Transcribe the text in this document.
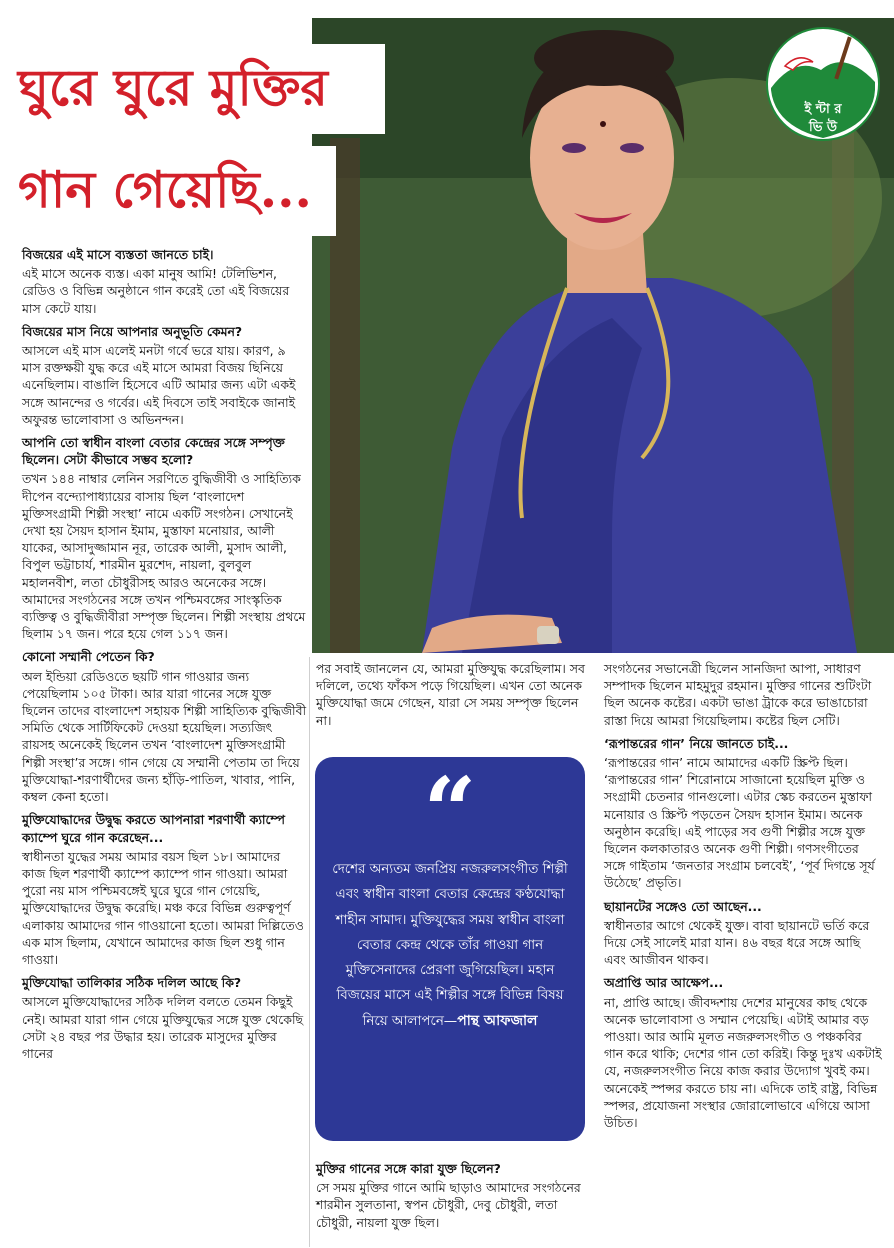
ঘুরে ঘুরে মুক্তির
গান গেয়েছি...
ই ন্টা র
ভি উ

বিজয়ের এই মাসে ব্যস্ততা জানতে চাই।

এই মাসে অনেক ব্যস্ত। একা মানুষ আমি! টেলিভিশন, রেডিও ও বিভিন্ন অনুষ্ঠানে গান করেই তো এই বিজয়ের মাস কেটে যায়।

বিজয়ের মাস নিয়ে আপনার অনুভূতি কেমন?

আসলে এই মাস এলেই মনটা গর্বে ভরে যায়। কারণ, ৯ মাস রক্তক্ষয়ী যুদ্ধ করে এই মাসে আমরা বিজয় ছিনিয়ে এনেছিলাম। বাঙালি হিসেবে এটি আমার জন্য এটা একই সঙ্গে আনন্দের ও গর্বের। এই দিবসে তাই সবাইকে জানাই অফুরন্ত ভালোবাসা ও অভিনন্দন।

আপনি তো স্বাধীন বাংলা বেতার কেন্দ্রের সঙ্গে সম্পৃক্ত ছিলেন। সেটা কীভাবে সম্ভব হলো?

তখন ১৪৪ নাম্বার লেনিন সরণিতে বুদ্ধিজীবী ও সাহিত্যিক দীপেন বন্দ্যোপাধ্যায়ের বাসায় ছিল ‘বাংলাদেশ মুক্তিসংগ্রামী শিল্পী সংস্থা’ নামে একটি সংগঠন। সেখানেই দেখা হয় সৈয়দ হাসান ইমাম, মুস্তাফা মনোয়ার, আলী যাকের, আসাদুজ্জামান নূর, তারেক আলী, মুসাদ আলী, বিপুল ভট্টাচার্য, শারমীন মুরশেদ, নায়লা, বুলবুল মহালনবীশ, লতা চৌধুরীসহ আরও অনেকের সঙ্গে। আমাদের সংগঠনের সঙ্গে তখন পশ্চিমবঙ্গের সাংস্কৃতিক ব্যক্তিত্ব ও বুদ্ধিজীবীরা সম্পৃক্ত ছিলেন। শিল্পী সংস্থায় প্রথমে ছিলাম ১৭ জন। পরে হয়ে গেল ১১৭ জন।

কোনো সম্মানী পেতেন কি?

অল ইন্ডিয়া রেডিওতে ছয়টি গান গাওয়ার জন্য পেয়েছিলাম ১০৫ টাকা। আর যারা গানের সঙ্গে যুক্ত ছিলেন তাদের বাংলাদেশ সহায়ক শিল্পী সাহিত্যিক বুদ্ধিজীবী সমিতি থেকে সার্টিফিকেট দেওয়া হয়েছিল। সত্যজিৎ রায়সহ অনেকেই ছিলেন তখন ‘বাংলাদেশ মুক্তিসংগ্রামী শিল্পী সংস্থা’র সঙ্গে। গান গেয়ে যে সম্মানী পেতাম তা দিয়ে মুক্তিযোদ্ধা-শরণার্থীদের জন্য হাঁড়ি-পাতিল, খাবার, পানি, কম্বল কেনা হতো।

মুক্তিযোদ্ধাদের উদ্বুদ্ধ করতে আপনারা শরণার্থী ক্যাম্পে ক্যাম্পে ঘুরে গান করেছেন...

স্বাধীনতা যুদ্ধের সময় আমার বয়স ছিল ১৮। আমাদের কাজ ছিল শরণার্থী ক্যাম্পে ক্যাম্পে গান গাওয়া। আমরা পুরো নয় মাস পশ্চিমবঙ্গেই ঘুরে ঘুরে গান গেয়েছি, মুক্তিযোদ্ধাদের উদ্বুদ্ধ করেছি। মঞ্চ করে বিভিন্ন গুরুত্বপূর্ণ এলাকায় আমাদের গান গাওয়ানো হতো। আমরা দিল্লিতেও এক মাস ছিলাম, যেখানে আমাদের কাজ ছিল শুধু গান গাওয়া।

মুক্তিযোদ্ধা তালিকার সঠিক দলিল আছে কি?

আসলে মুক্তিযোদ্ধাদের সঠিক দলিল বলতে তেমন কিছুই নেই। আমরা যারা গান গেয়ে মুক্তিযুদ্ধের সঙ্গে যুক্ত থেকেছি সেটা ২৪ বছর পর উদ্ধার হয়। তারেক মাসুদের মুক্তির গানের

পর সবাই জানলেন যে, আমরা মুক্তিযুদ্ধ করেছিলাম। সব দলিলে, তথ্যে ফাঁকস পড়ে গিয়েছিল। এখন তো অনেক মুক্তিযোদ্ধা জমে গেছেন, যারা সে সময় সম্পৃক্ত ছিলেন না।

“
দেশের অন্যতম জনপ্রিয় নজরুলসংগীত শিল্পী এবং স্বাধীন বাংলা বেতার কেন্দ্রের কণ্ঠযোদ্ধা শাহীন সামাদ। মুক্তিযুদ্ধের সময় স্বাধীন বাংলা বেতার কেন্দ্র থেকে তাঁর গাওয়া গান মুক্তিসেনাদের প্রেরণা জুগিয়েছিল। মহান বিজয়ের মাসে এই শিল্পীর সঙ্গে বিভিন্ন বিষয় নিয়ে আলাপনে—পান্থ আফজাল

মুক্তির গানের সঙ্গে কারা যুক্ত ছিলেন?

সে সময় মুক্তির গানে আমি ছাড়াও আমাদের সংগঠনের শারমীন সুলতানা, স্বপন চৌধুরী, দেবু চৌধুরী, লতা চৌধুরী, নায়লা যুক্ত ছিল।

সংগঠনের সভানেত্রী ছিলেন সানজিদা আপা, সাধারণ সম্পাদক ছিলেন মাহমুদুর রহমান। মুক্তির গানের শুটিংটা ছিল অনেক কষ্টের। একটা ভাঙা ট্রাকে করে ভাঙাচোরা রাস্তা দিয়ে আমরা গিয়েছিলাম। কষ্টের ছিল সেটি।

‘রূপান্তরের গান’ নিয়ে জানতে চাই...

‘রূপান্তরের গান’ নামে আমাদের একটি স্ক্রিপ্ট ছিল। ‘রূপান্তরের গান’ শিরোনামে সাজানো হয়েছিল মুক্তি ও সংগ্রামী চেতনার গানগুলো। এটার স্কেচ করতেন মুস্তাফা মনোয়ার ও স্ক্রিপ্ট পড়তেন সৈয়দ হাসান ইমাম। অনেক অনুষ্ঠান করেছি। এই পাড়ের সব গুণী শিল্পীর সঙ্গে যুক্ত ছিলেন কলকাতারও অনেক গুণী শিল্পী। গণসংগীতের সঙ্গে গাইতাম ‘জনতার সংগ্রাম চলবেই’, ‘পূর্ব দিগন্তে সূর্য উঠেছে’ প্রভৃতি।

ছায়ানটের সঙ্গেও তো আছেন...

স্বাধীনতার আগে থেকেই যুক্ত। বাবা ছায়ানটে ভর্তি করে দিয়ে সেই সালেই মারা যান। ৪৬ বছর ধরে সঙ্গে আছি এবং আজীবন থাকব।

অপ্রাপ্তি আর আক্ষেপ...

না, প্রাপ্তি আছে। জীবদ্দশায় দেশের মানুষের কাছ থেকে অনেক ভালোবাসা ও সম্মান পেয়েছি। এটাই আমার বড় পাওয়া। আর আমি মূলত নজরুলসংগীত ও পঞ্চকবির গান করে থাকি; দেশের গান তো করিই। কিন্তু দুঃখ একটাই যে, নজরুলসংগীত নিয়ে কাজ করার উদ্যোগ খুবই কম। অনেকেই স্পন্সর করতে চায় না। এদিকে তাই রাষ্ট্র, বিভিন্ন স্পন্সর, প্রযোজনা সংস্থার জোরালোভাবে এগিয়ে আসা উচিত।
